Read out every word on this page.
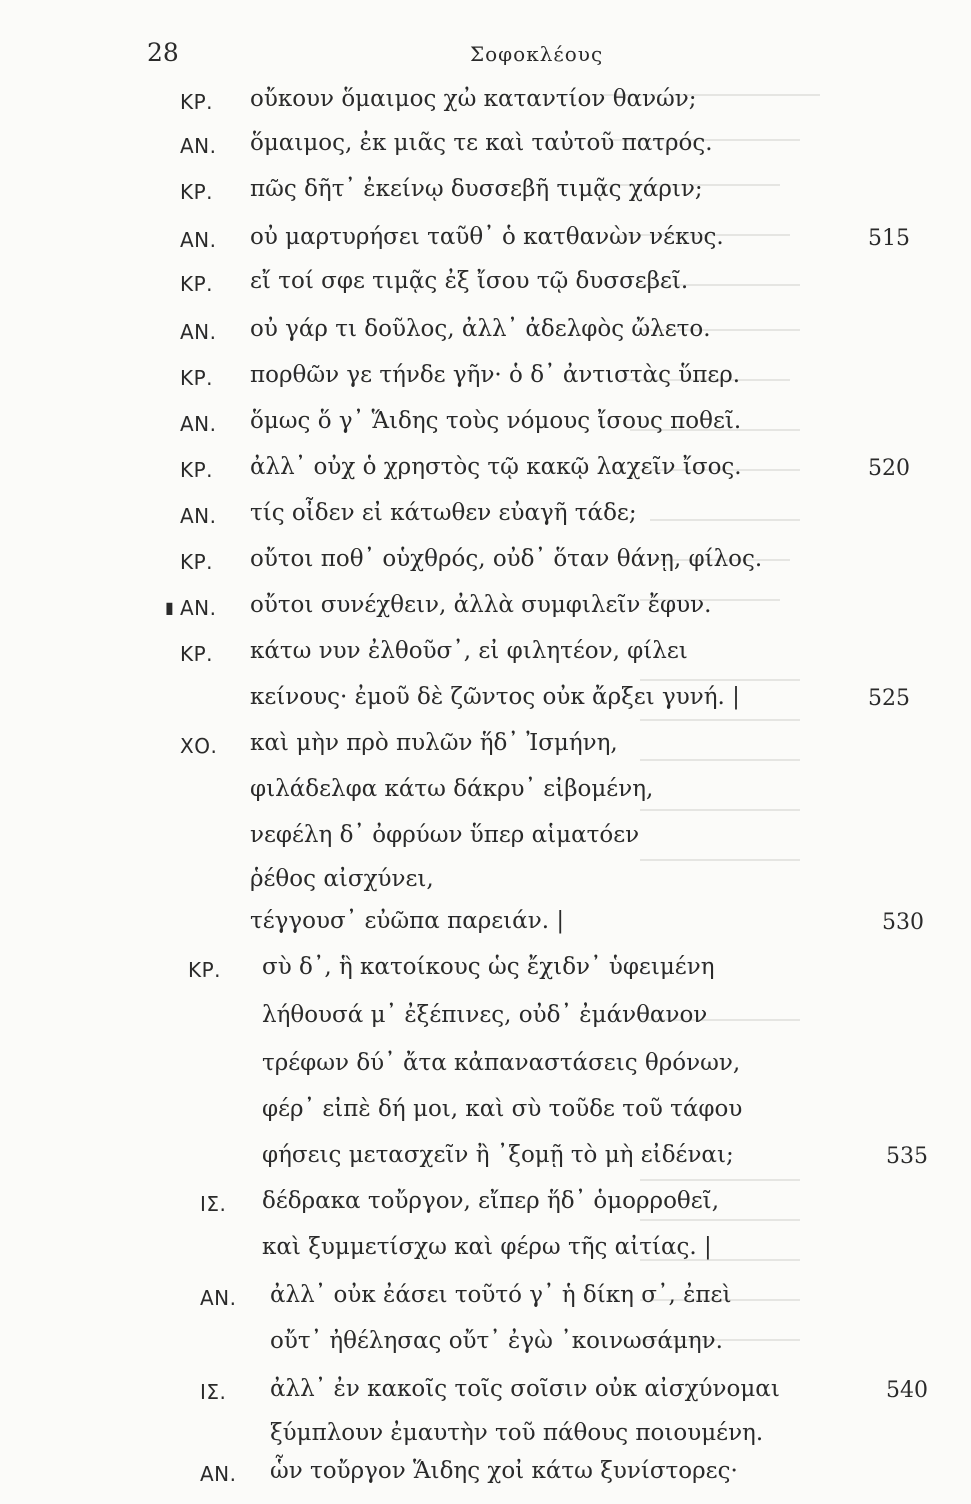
28	Σοφοκλέους
ΚΡ. οὔκουν ὅμαιμος χὠ καταντίον θανών;
ΑΝ. ὅμαιμος, ἐκ μιᾶς τε καὶ ταὐτοῦ πατρός.
ΚΡ. πῶς δῆτ᾿ ἐκείνῳ δυσσεβῆ τιμᾷς χάριν;
ΑΝ. οὐ μαρτυρήσει ταῦθ᾿ ὁ κατθανὼν νέκυς.	515
ΚΡ. εἴ τοί σφε τιμᾷς ἐξ ἴσου τῷ δυσσεβεῖ.
ΑΝ. οὐ γάρ τι δοῦλος, ἀλλ᾿ ἀδελφὸς ὤλετο.
ΚΡ. πορθῶν γε τήνδε γῆν· ὁ δ᾿ ἀντιστὰς ὕπερ.
ΑΝ. ὅμως ὅ γ᾿ Ἅιδης τοὺς νόμους ἴσους ποθεῖ.
ΚΡ. ἀλλ᾿ οὐχ ὁ χρηστὸς τῷ κακῷ λαχεῖν ἴσος.	520
ΑΝ. τίς οἶδεν εἰ κάτωθεν εὐαγῆ τάδε;
ΚΡ. οὔτοι ποθ᾿ οὑχθρός, οὐδ᾿ ὅταν θάνῃ, φίλος.
▮ ΑΝ. οὔτοι συνέχθειν, ἀλλὰ συμφιλεῖν ἔφυν.
ΚΡ. κάτω νυν ἐλθοῦσ᾿, εἰ φιλητέον, φίλει
κείνους· ἐμοῦ δὲ ζῶντος οὐκ ἄρξει γυνή. |	525
ΧΟ. καὶ μὴν πρὸ πυλῶν ἥδ᾿ Ἰσμήνη,
φιλάδελφα κάτω δάκρυ᾿ εἰβομένη,
νεφέλη δ᾿ ὀφρύων ὕπερ αἱματόεν
ῥέθος αἰσχύνει,
τέγγουσ᾿ εὐῶπα παρειάν. |	530
ΚΡ. σὺ δ᾿, ἣ κατοίκους ὡς ἔχιδν᾿ ὑφειμένη
λήθουσά μ᾿ ἐξέπινες, οὐδ᾿ ἐμάνθανον
τρέφων δύ᾿ ἄτα κἀπαναστάσεις θρόνων,
φέρ᾿ εἰπὲ δή μοι, καὶ σὺ τοῦδε τοῦ τάφου
φήσεις μετασχεῖν ἢ ᾿ξομῇ τὸ μὴ εἰδέναι;	535
ΙΣ. δέδρακα τοὔργον, εἴπερ ἥδ᾿ ὁμορροθεῖ,
καὶ ξυμμετίσχω καὶ φέρω τῆς αἰτίας. |
ΑΝ. ἀλλ᾿ οὐκ ἐάσει τοῦτό γ᾿ ἡ δίκη σ᾿, ἐπεὶ
οὔτ᾿ ἠθέλησας οὔτ᾿ ἐγὼ ᾿κοινωσάμην.
ΙΣ. ἀλλ᾿ ἐν κακοῖς τοῖς σοῖσιν οὐκ αἰσχύνομαι	540
ξύμπλουν ἐμαυτὴν τοῦ πάθους ποιουμένη.
ΑΝ. ὧν τοὔργον Ἅιδης χοἰ κάτω ξυνίστορες·
